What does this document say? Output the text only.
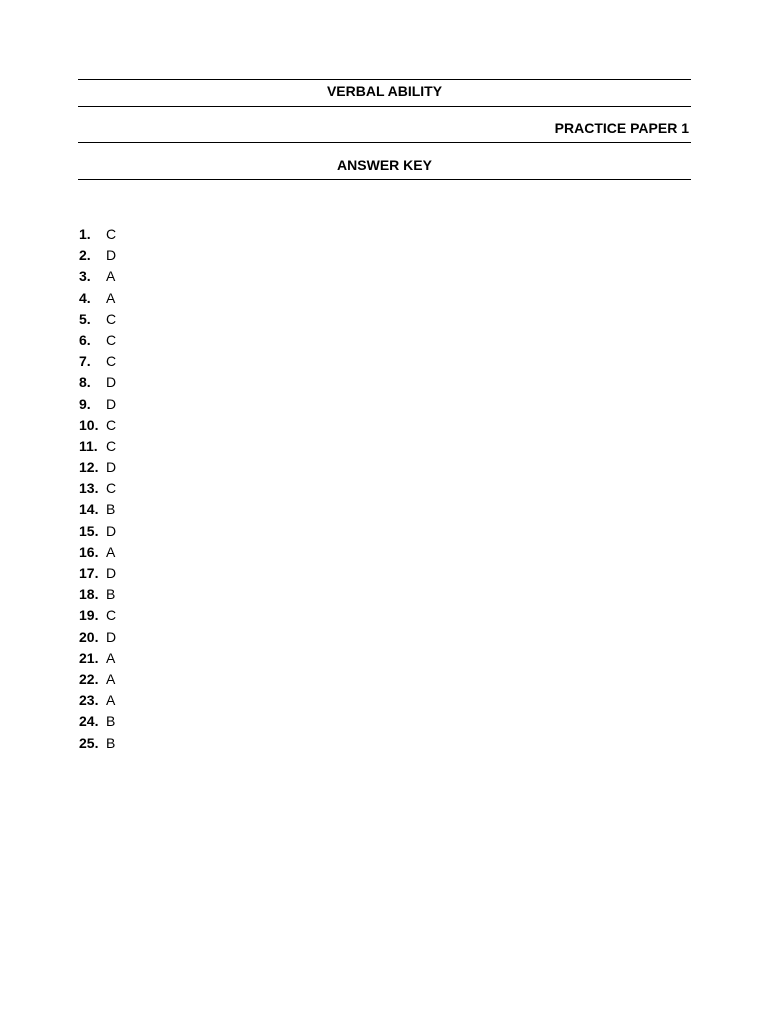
VERBAL ABILITY
PRACTICE PAPER 1
ANSWER KEY
1.	C
2.	D
3.	A
4.	A
5.	C
6.	C
7.	C
8.	D
9.	D
10. C
11. C
12. D
13. C
14. B
15. D
16. A
17. D
18. B
19. C
20. D
21. A
22. A
23. A
24. B
25. B
